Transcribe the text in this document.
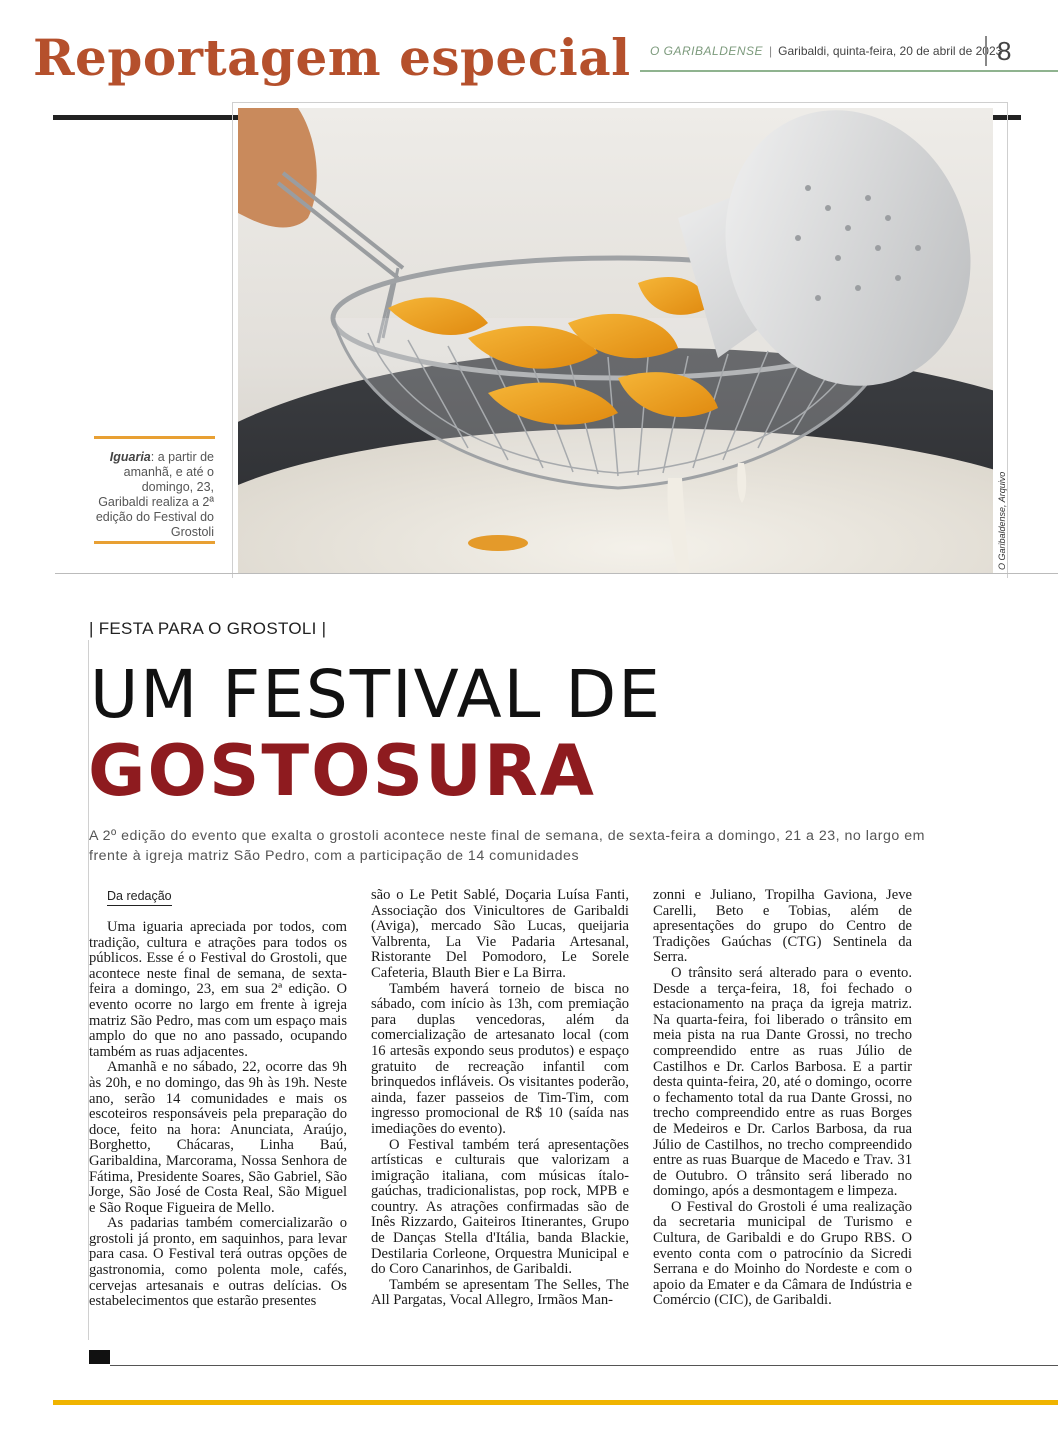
Reportagem especial O GARIBALDENSE | Garibaldi, quinta-feira, 20 de abril de 2023
8
O Garibaldense, Arquivo
Iguaria: a partir de amanhã, e até o domingo, 23, Garibaldi realiza a 2ª edição do Festival do Grostoli
| FESTA PARA O GROSTOLI |
UM FESTIVAL DE
GOSTOSURA
A 2º edição do evento que exalta o grostoli acontece neste final de semana, de sexta-feira a domingo, 21 a 23, no largo em frente à igreja matriz São Pedro, com a participação de 14 comunidades
Da redação

Uma iguaria apreciada por todos, com tradição, cultura e atrações para todos os públicos. Esse é o Festival do Grostoli, que acontece neste final de semana, de sexta-feira a domingo, 23, em sua 2ª edição. O evento ocorre no largo em frente à igreja matriz São Pedro, mas com um espaço mais amplo do que no ano passado, ocupando também as ruas adjacentes.

Amanhã e no sábado, 22, ocorre das 9h às 20h, e no domingo, das 9h às 19h. Neste ano, serão 14 comunidades e mais os escoteiros responsáveis pela preparação do doce, feito na hora: Anunciata, Araújo, Borghetto, Chácaras, Linha Baú, Garibaldina, Marcorama, Nossa Senhora de Fátima, Presidente Soares, São Gabriel, São Jorge, São José de Costa Real, São Miguel e São Roque Figueira de Mello.

As padarias também comercializarão o grostoli já pronto, em saquinhos, para levar para casa. O Festival terá outras opções de gastronomia, como polenta mole, cafés, cervejas artesanais e outras delícias. Os estabelecimentos que estarão presentes

são o Le Petit Sablé, Doçaria Luísa Fanti, Associação dos Vinicultores de Garibaldi (Aviga), mercado São Lucas, queijaria Valbrenta, La Vie Padaria Artesanal, Ristorante Del Pomodoro, Le Sorele Cafeteria, Blauth Bier e La Birra.

Também haverá torneio de bisca no sábado, com início às 13h, com premiação para duplas vencedoras, além da comercialização de artesanato local (com 16 artesãs expondo seus produtos) e espaço gratuito de recreação infantil com brinquedos infláveis. Os visitantes poderão, ainda, fazer passeios de Tim-Tim, com ingresso promocional de R$ 10 (saída nas imediações do evento).

O Festival também terá apresentações artísticas e culturais que valorizam a imigração italiana, com músicas ítalo-gaúchas, tradicionalistas, pop rock, MPB e country. As atrações confirmadas são de Inês Rizzardo, Gaiteiros Itinerantes, Grupo de Danças Stella d'Itália, banda Blackie, Destilaria Corleone, Orquestra Municipal e do Coro Canarinhos, de Garibaldi.

Também se apresentam The Selles, The All Pargatas, Vocal Allegro, Irmãos Man-

zonni e Juliano, Tropilha Gaviona, Jeve Carelli, Beto e Tobias, além de apresentações do grupo do Centro de Tradições Gaúchas (CTG) Sentinela da Serra.

O trânsito será alterado para o evento. Desde a terça-feira, 18, foi fechado o estacionamento na praça da igreja matriz. Na quarta-feira, foi liberado o trânsito em meia pista na rua Dante Grossi, no trecho compreendido entre as ruas Júlio de Castilhos e Dr. Carlos Barbosa. E a partir desta quinta-feira, 20, até o domingo, ocorre o fechamento total da rua Dante Grossi, no trecho compreendido entre as ruas Borges de Medeiros e Dr. Carlos Barbosa, da rua Júlio de Castilhos, no trecho compreendido entre as ruas Buarque de Macedo e Trav. 31 de Outubro. O trânsito será liberado no domingo, após a desmontagem e limpeza.

O Festival do Grostoli é uma realização da secretaria municipal de Turismo e Cultura, de Garibaldi e do Grupo RBS. O evento conta com o patrocínio da Sicredi Serrana e do Moinho do Nordeste e com o apoio da Emater e da Câmara de Indústria e Comércio (CIC), de Garibaldi.
